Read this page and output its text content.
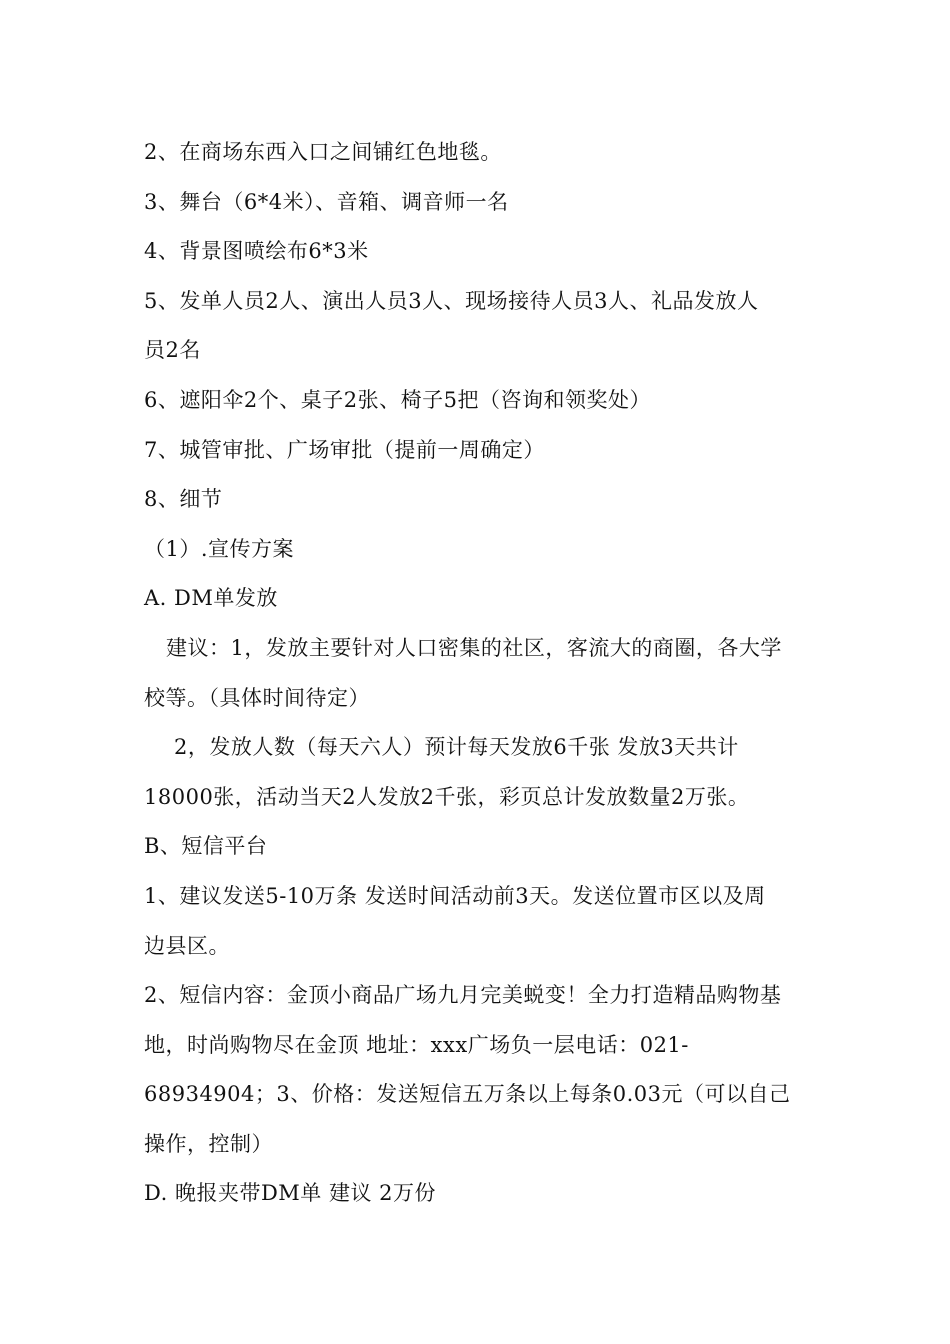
2、在商场东西入口之间铺红色地毯。
3、舞台（6*4米）、音箱、调音师一名
4、背景图喷绘布6*3米
5、发单人员2人、演出人员3人、现场接待人员3人、礼品发放人
员2名
6、遮阳伞2个、桌子2张、椅子5把（咨询和领奖处）
7、城管审批、广场审批（提前一周确定）
8、细节
（1）.宣传方案
A. DM单发放
建议：1，发放主要针对人口密集的社区，客流大的商圈，各大学
校等。（具体时间待定）
2，发放人数（每天六人）预计每天发放6千张 发放3天共计
18000张，活动当天2人发放2千张，彩页总计发放数量2万张。
B、短信平台
1、建议发送5-10万条 发送时间活动前3天。发送位置市区以及周
边县区。
2、短信内容：金顶小商品广场九月完美蜕变！全力打造精品购物基
地，时尚购物尽在金顶 地址：xxx广场负一层电话：021-
68934904；3、价格：发送短信五万条以上每条0.03元（可以自己
操作，控制）
D. 晚报夹带DM单 建议 2万份
